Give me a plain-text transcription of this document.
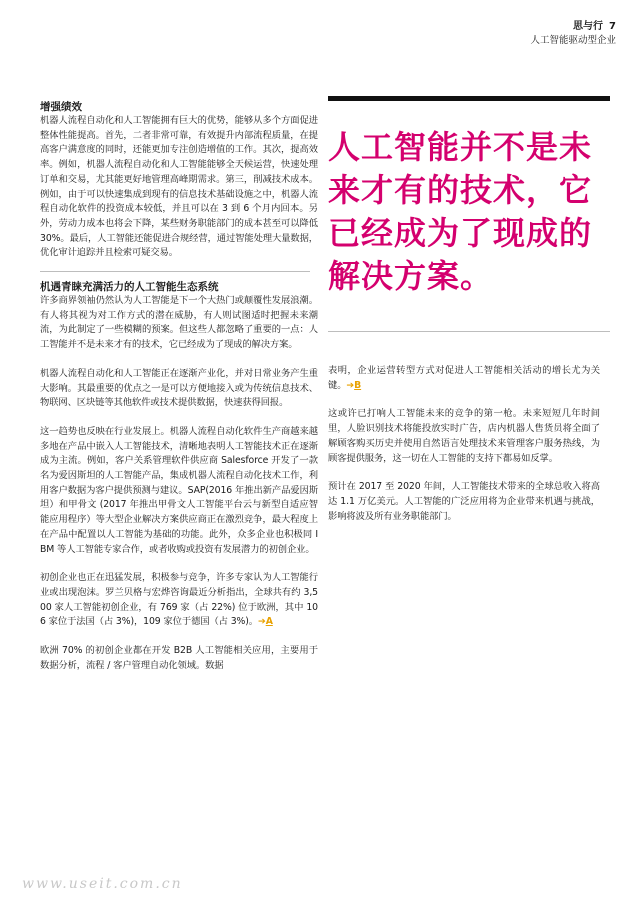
思与行 7
人工智能驱动型企业

增强绩效

机器人流程自动化和人工智能拥有巨大的优势，能够从多个方面促进整体性能提高。首先，二者非常可靠，有效提升内部流程质量，在提高客户满意度的同时，还能更加专注创造增值的工作。其次，提高效率。例如，机器人流程自动化和人工智能能够全天候运营，快速处理订单和交易，尤其能更好地管理高峰期需求。第三，削减技术成本。例如，由于可以快速集成到现有的信息技术基础设施之中，机器人流程自动化软件的投资成本较低，并且可以在 3 到 6 个月内回本。另外，劳动力成本也将会下降，某些财务职能部门的成本甚至可以降低 30%。最后，人工智能还能促进合规经营，通过智能处理大量数据，优化审计追踪并且检索可疑交易。

机遇青睐充满活力的人工智能生态系统

许多商界领袖仍然认为人工智能是下一个大热门或颠覆性发展浪潮。有人将其视为对工作方式的潜在威胁，有人则试图适时把握未来潮流，为此制定了一些模糊的预案。但这些人都忽略了重要的一点：人工智能并不是未来才有的技术，它已经成为了现成的解决方案。

机器人流程自动化和人工智能正在逐渐产业化，并对日常业务产生重大影响。其最重要的优点之一是可以方便地接入或为传统信息技术、物联网、区块链等其他软件或技术提供数据，快速获得回报。

这一趋势也反映在行业发展上。机器人流程自动化软件生产商越来越多地在产品中嵌入人工智能技术，清晰地表明人工智能技术正在逐渐成为主流。例如，客户关系管理软件供应商 Salesforce 开发了一款名为爱因斯坦的人工智能产品，集成机器人流程自动化技术工作，利用客户数据为客户提供预测与建议。SAP(2016 年推出新产品爱因斯坦）和甲骨文 (2017 年推出甲骨文人工智能平台云与新型自适应智能应用程序）等大型企业解决方案供应商正在激烈竞争，最大程度上在产品中配置以人工智能为基础的功能。此外，众多企业也积极同 IBM 等人工智能专家合作，或者收购或投资有发展潜力的初创企业。

初创企业也正在迅猛发展，积极参与竞争，许多专家认为人工智能行业或出现泡沫。罗兰贝格与宏烨咨询最近分析指出，全球共有约 3,500 家人工智能初创企业，有 769 家（占 22%) 位于欧洲，其中 106 家位于法国（占 3%)，109 家位于德国（占 3%)。➔A

欧洲 70% 的初创企业都在开发 B2B 人工智能相关应用，主要用于数据分析，流程 / 客户管理自动化领域。数据

人工智能并不是未来才有的技术，它已经成为了现成的解决方案。

表明，企业运营转型方式对促进人工智能相关活动的增长尤为关键。➔B

这或许已打响人工智能未来的竞争的第一枪。未来短短几年时间里，人脸识别技术将能投放实时广告，店内机器人售货员将全面了解顾客购买历史并使用自然语言处理技术来管理客户服务热线，为顾客提供服务，这一切在人工智能的支持下都易如反掌。

预计在 2017 至 2020 年间，人工智能技术带来的全球总收入将高达 1.1 万亿美元。人工智能的广泛应用将为企业带来机遇与挑战，影响将波及所有业务职能部门。

www.useit.com.cn
